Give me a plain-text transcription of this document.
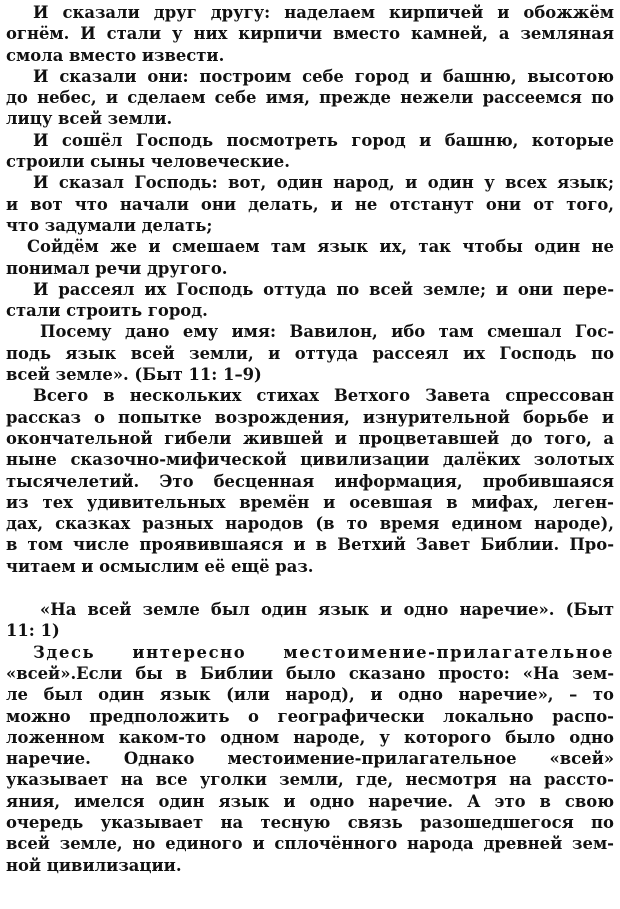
И сказали друг другу: наделаем кирпичей и обожжём
огнём. И стали у них кирпичи вместо камней, а земляная
смола вместо извести.
И сказали они: построим себе город и башню, высотою
до небес, и сделаем себе имя, прежде нежели рассеемся по
лицу всей земли.
И сошёл Господь посмотреть город и башню, которые
строили сыны человеческие.
И сказал Господь: вот, один народ, и один у всех язык;
и вот что начали они делать, и не отстанут они от того,
что задумали делать;
Сойдём же и смешаем там язык их, так чтобы один не
понимал речи другого.
И рассеял их Господь оттуда по всей земле; и они пере-
стали строить город.
Посему дано ему имя: Вавилон, ибо там смешал Гос-
подь язык всей земли, и оттуда рассеял их Господь по
всей земле». (Быт 11: 1–9)
Всего в нескольких стихах Ветхого Завета спрессован
рассказ о попытке возрождения, изнурительной борьбе и
окончательной гибели жившей и процветавшей до того, а
ныне сказочно-мифической цивилизации далёких золотых
тысячелетий. Это бесценная информация, пробившаяся
из тех удивительных времён и осевшая в мифах, леген-
дах, сказках разных народов (в то время едином народе),
в том числе проявившаяся и в Ветхий Завет Библии. Про-
читаем и осмыслим её ещё раз.
«На всей земле был один язык и одно наречие». (Быт
11: 1)
Здесь интересно местоимение-прилагательное
«всей».Если бы в Библии было сказано просто: «На зем-
ле был один язык (или народ), и одно наречие», – то
можно предположить о географически локально распо-
ложенном каком-то одном народе, у которого было одно
наречие. Однако местоимение-прилагательное «всей»
указывает на все уголки земли, где, несмотря на рассто-
яния, имелся один язык и одно наречие. А это в свою
очередь указывает на тесную связь разошедшегося по
всей земле, но единого и сплочённого народа древней зем-
ной цивилизации.
